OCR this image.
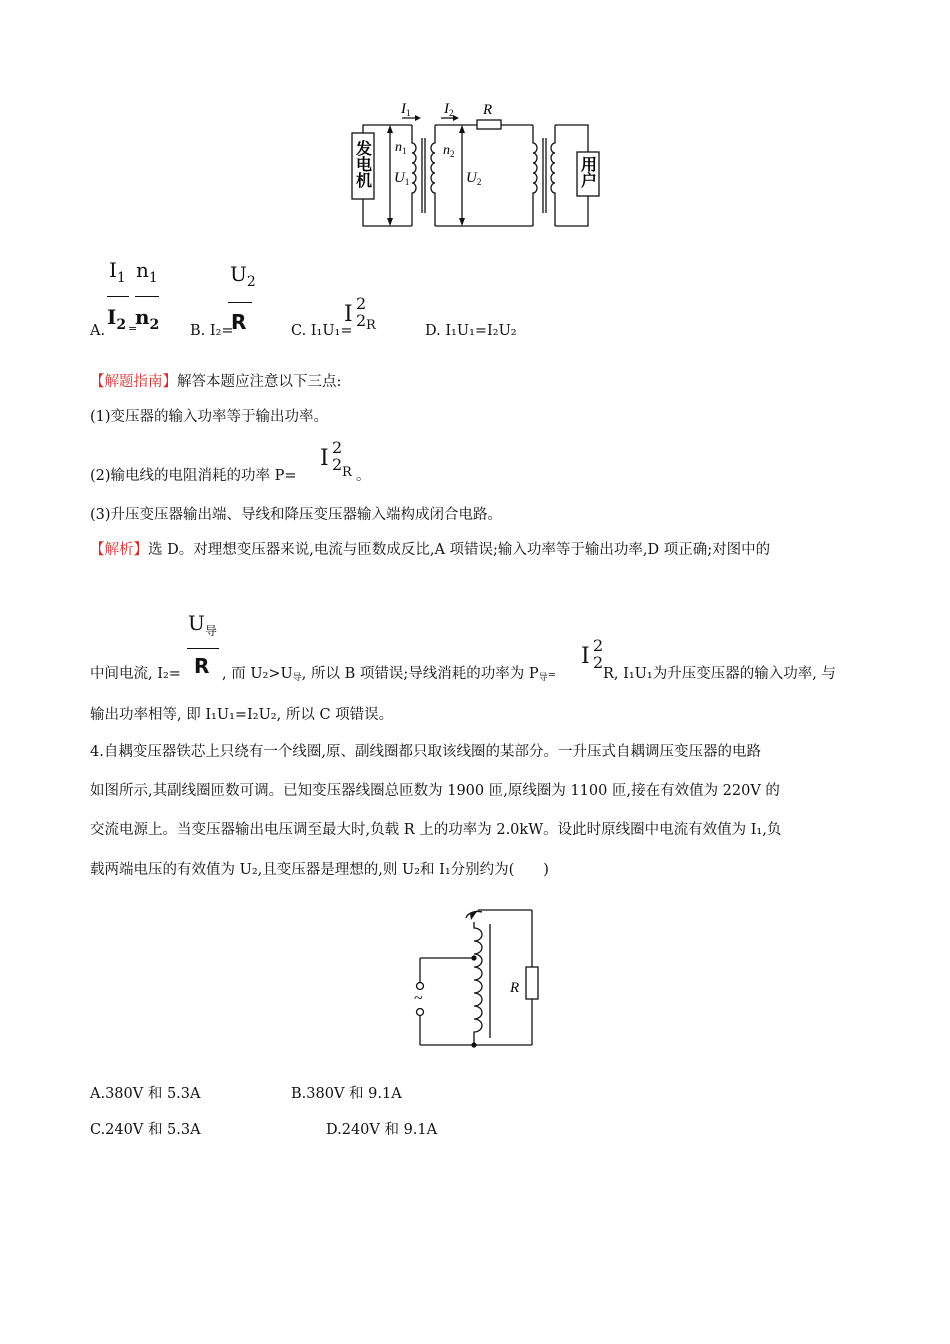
发电机	用户
$I_1$ $I_2$ R
$n_1$	$n_2$
$U_1$	$U_2$
A.
$I_1$
$I_2$ =
$n_1$
$n_2$ B. I₂=
$U_2$
R	C. I₁U₁=
I 2
2 R	D. I₁U₁=I₂U₂
【解题指南】解答本题应注意以下三点:
(1)变压器的输入功率等于输出功率。
(2)输电线的电阻消耗的功率 P=
I 2
2 R 。
(3)升压变压器输出端、导线和降压变压器输入端构成闭合电路。
【解析】选 D。对理想变压器来说,电流与匝数成反比,A 项错误;输入功率等于输出功率,D 项正确;对图中的
中间电流, I₂=
$U_导$
R , 而 $U_2>U_导$, 所以 B 项错误;导线消耗的功率为 $P_导=$
I 2
2
R, I₁U₁为升压变压器的输入功率, 与
输出功率相等, 即 I₁U₁=I₂U₂, 所以 C 项错误。
4.自耦变压器铁芯上只绕有一个线圈,原、副线圈都只取该线圈的某部分。一升压式自耦调压变压器的电路
如图所示,其副线圈匝数可调。已知变压器线圈总匝数为 1900 匝,原线圈为 1100 匝,接在有效值为 220V 的
交流电源上。当变压器输出电压调至最大时,负载 R 上的功率为 2.0kW。设此时原线圈中电流有效值为 I₁,负
载两端电压的有效值为 U₂,且变压器是理想的,则 U₂和 I₁分别约为(　　)
~
R
A.380V 和 5.3A	B.380V 和 9.1A
C.240V 和 5.3A	D.240V 和 9.1A
